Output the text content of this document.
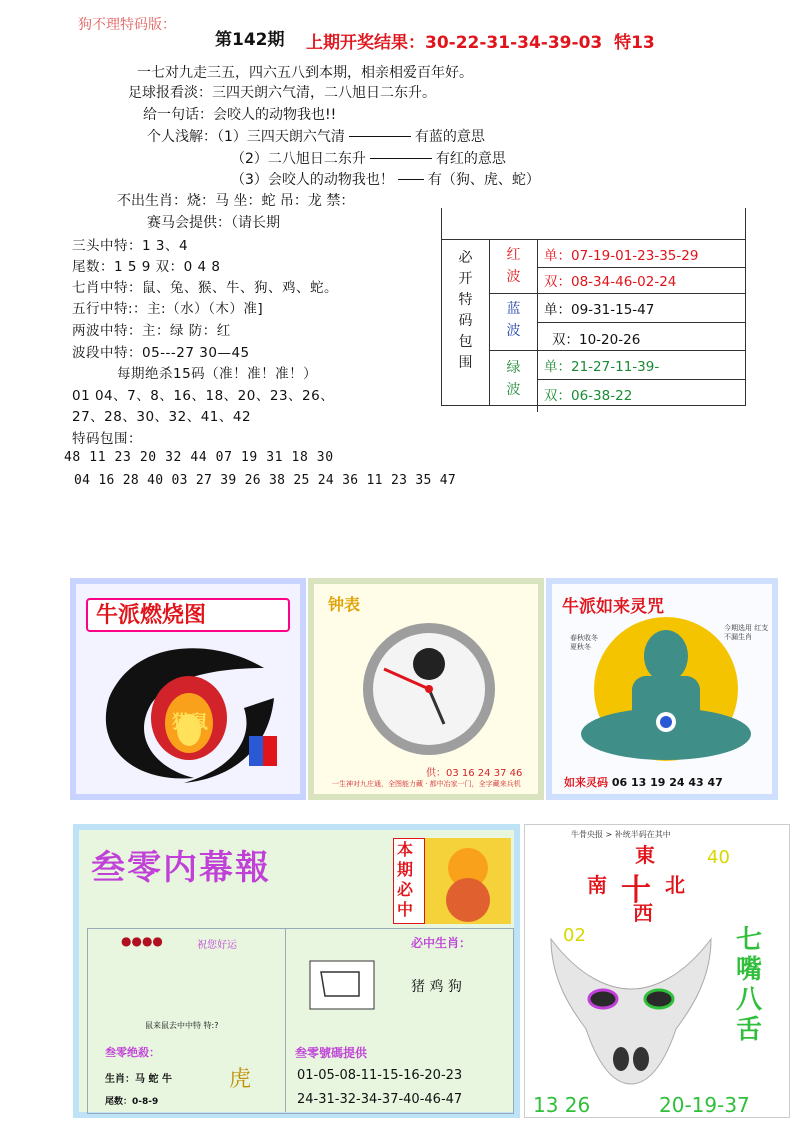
狗不理特码版：
第142期 上期开奖结果：30-22-31-34-39-03 特13
一七对九走三五，四六五八到本期，相亲相爱百年好。
足球报看淡：三四天朗六气清，二八旭日二东升。
给一句话：会咬人的动物我也!!
个人浅解：（1）三四天朗六气清	有蓝的意思
（2）二八旭日二东升	有红的意思
（3）会咬人的动物我也！ 有（狗、虎、蛇）
不出生肖：烧：马 坐：蛇 吊：龙 禁：
赛马会提供：（请长期
三头中特：1 3、4
尾数：1 5 9 双：0 4 8
七肖中特：鼠、兔、猴、牛、狗、鸡、蛇。
五行中特:：主:（水）（木）准]
两波中特：主：绿 防：红
波段中特：05---27 30—45
每期绝杀15码（准！准！准！）
01 04、7、8、16、18、20、23、26、
27、28、30、32、41、42
特码包围：
48 11 23 20 32 44 07 19 31 18 30
04 16 28 40 03 27 39 26 38 25 24 36 11 23 35 47
必
开
特
码
包
围
红
波
单：07-19-01-23-35-29
双：08-34-46-02-24
蓝
波
单：09-31-15-47
双：10-20-26
绿
波
单：21-27-11-39-
双：06-38-22
牛派燃烧图
猫鼠
钟表
供：03 16 24 37 46
一生神对九庄通，全图能力藏 · 都中冶家一门，全字藏来兵机
牛派如来灵咒
今期选用 红支 不漏生肖
春秋收冬 夏秋冬
如来灵码 06 13 19 24 43 47
叁零内幕報	本期必中
●●●●	祝您好运	必中生肖：
猪 鸡 狗
鼠来鼠去中中特 特:?
叁零绝殺：
生肖：马 蛇 牛
尾数：0-8-9
虎
叁零號碼提供
01-05-08-11-15-16-20-23
24-31-32-34-37-40-46-47
牛骨央报 > 补统半码在其中
東
南 十 北
西
40
02	七嘴八舌
13 26	20-19-37
